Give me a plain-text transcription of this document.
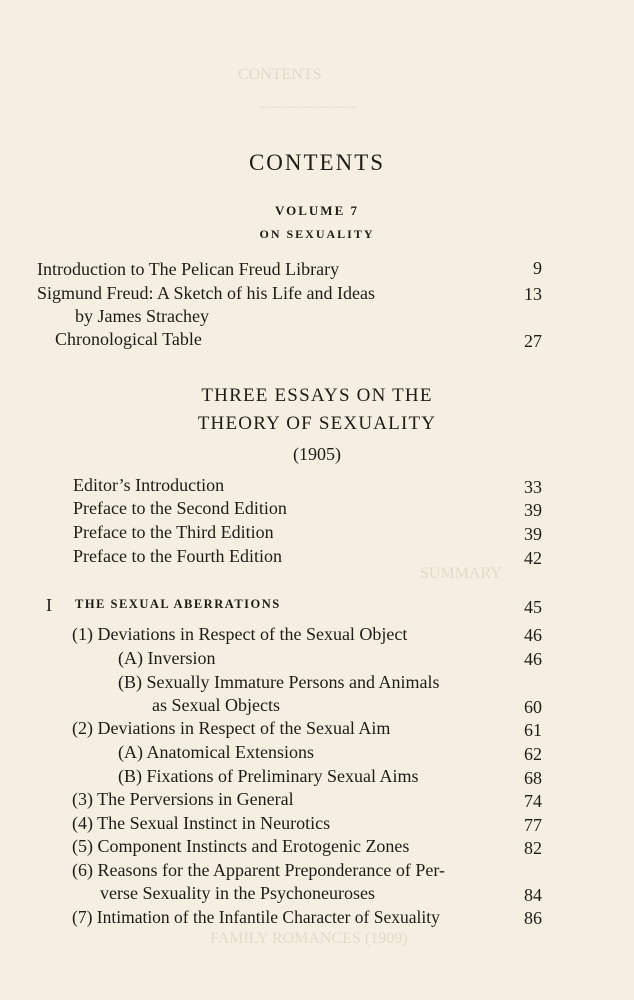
CONTENTS
——————
SUMMARY
FAMILY ROMANCES (1909)
CONTENTS
VOLUME 7
ON SEXUALITY
Introduction to The Pelican Freud Library	9
Sigmund Freud: A Sketch of his Life and Ideas	13
by James Strachey
Chronological Table	27
THREE ESSAYS ON THE
THEORY OF SEXUALITY
(1905)
Editor’s Introduction	33
Preface to the Second Edition	39
Preface to the Third Edition	39
Preface to the Fourth Edition	42
I THE SEXUAL ABERRATIONS	45
(1) Deviations in Respect of the Sexual Object	46
(A) Inversion	46
(B) Sexually Immature Persons and Animals
as Sexual Objects	60
(2) Deviations in Respect of the Sexual Aim	61
(A) Anatomical Extensions	62
(B) Fixations of Preliminary Sexual Aims	68
(3) The Perversions in General	74
(4) The Sexual Instinct in Neurotics	77
(5) Component Instincts and Erotogenic Zones	82
(6) Reasons for the Apparent Preponderance of Per-
verse Sexuality in the Psychoneuroses	84
(7) Intimation of the Infantile Character of Sexuality	86
